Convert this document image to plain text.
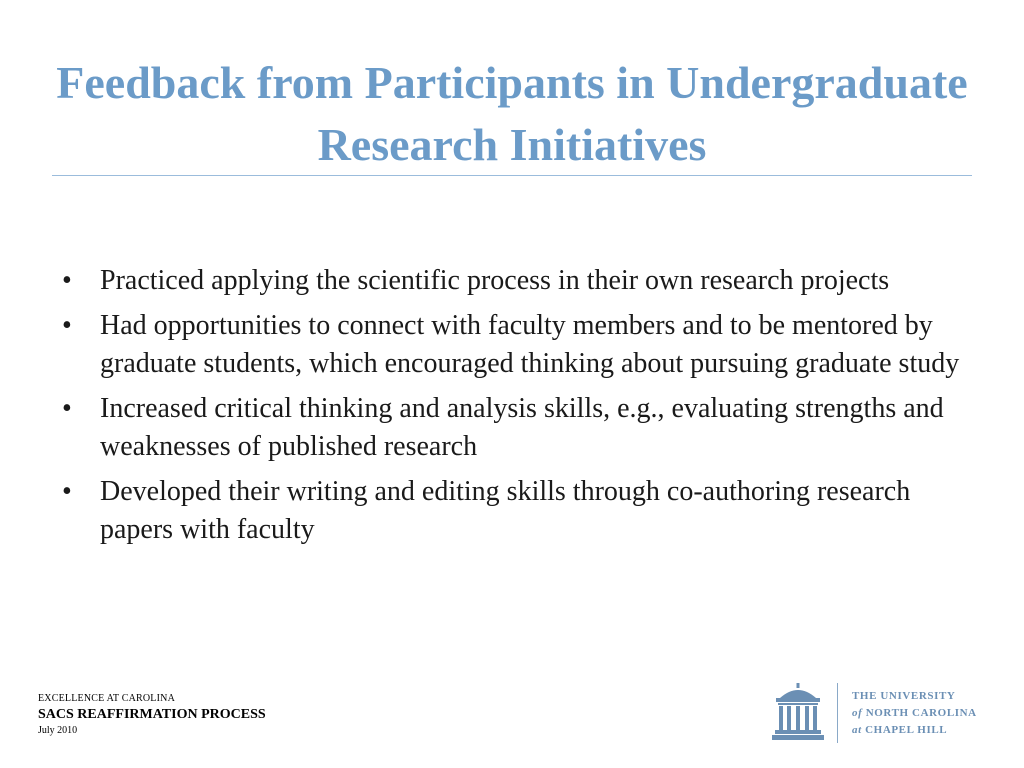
Feedback from Participants in Undergraduate Research Initiatives
• Practiced applying the scientific process in their own research projects
• Had opportunities to connect with faculty members and to be mentored by graduate students, which encouraged thinking about pursuing graduate study
• Increased critical thinking and analysis skills, e.g., evaluating strengths and weaknesses of published research
• Developed their writing and editing skills through co-authoring research papers with faculty
EXCELLENCE AT CAROLINA
SACS REAFFIRMATION PROCESS
July 2010
THE UNIVERSITY
of NORTH CAROLINA
at CHAPEL HILL
